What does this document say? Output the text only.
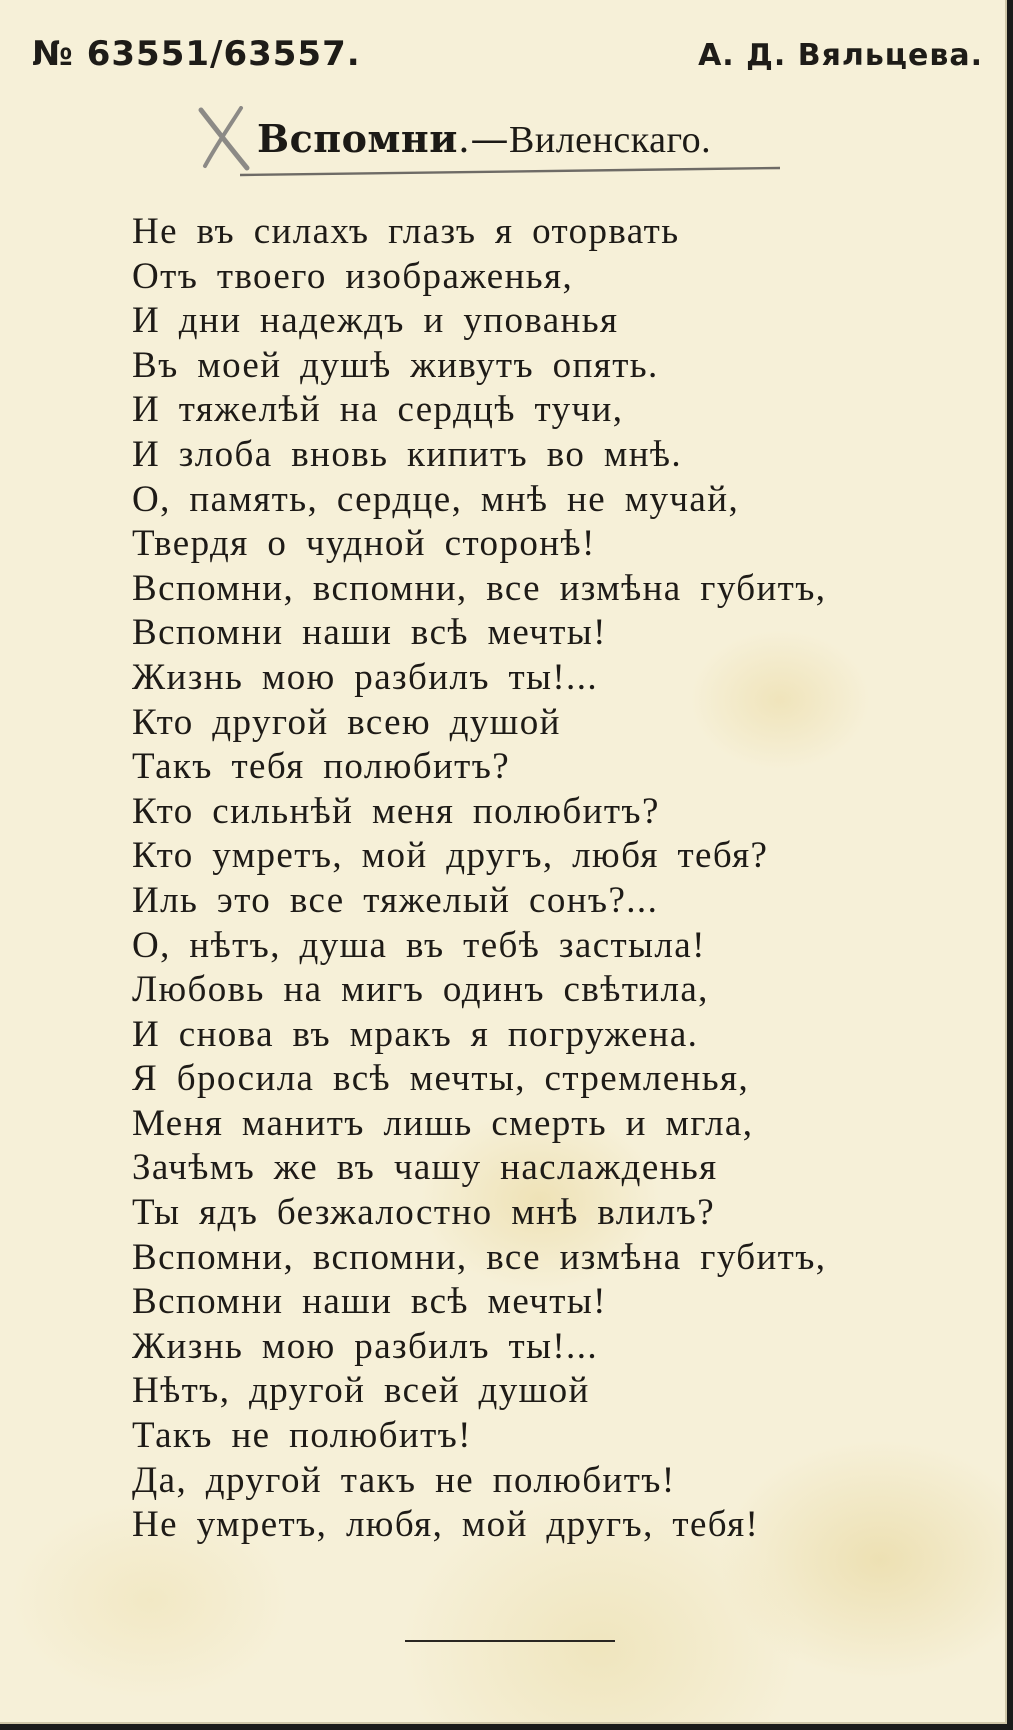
№ 63551/63557.	А. Д. Вяльцева.
Вспомни.—Виленскаго.
Не въ силахъ глазъ я оторвать
Отъ твоего изображенья,
И дни надеждъ и упованья
Въ моей душѣ живутъ опять.
И тяжелѣй на сердцѣ тучи,
И злоба вновь кипитъ во мнѣ.
О, память, сердце, мнѣ не мучай,
Твердя о чудной сторонѣ!
Вспомни, вспомни, все измѣна губитъ,
Вспомни наши всѣ мечты!
Жизнь мою разбилъ ты!...
Кто другой всею душой
Такъ тебя полюбитъ?
Кто сильнѣй меня полюбитъ?
Кто умретъ, мой другъ, любя тебя?
Иль это все тяжелый сонъ?...
О, нѣтъ, душа въ тебѣ застыла!
Любовь на мигъ одинъ свѣтила,
И снова въ мракъ я погружена.
Я бросила всѣ мечты, стремленья,
Меня манитъ лишь смерть и мгла,
Зачѣмъ же въ чашу наслажденья
Ты ядъ безжалостно мнѣ влилъ?
Вспомни, вспомни, все измѣна губитъ,
Вспомни наши всѣ мечты!
Жизнь мою разбилъ ты!...
Нѣтъ, другой всей душой
Такъ не полюбитъ!
Да, другой такъ не полюбитъ!
Не умретъ, любя, мой другъ, тебя!
